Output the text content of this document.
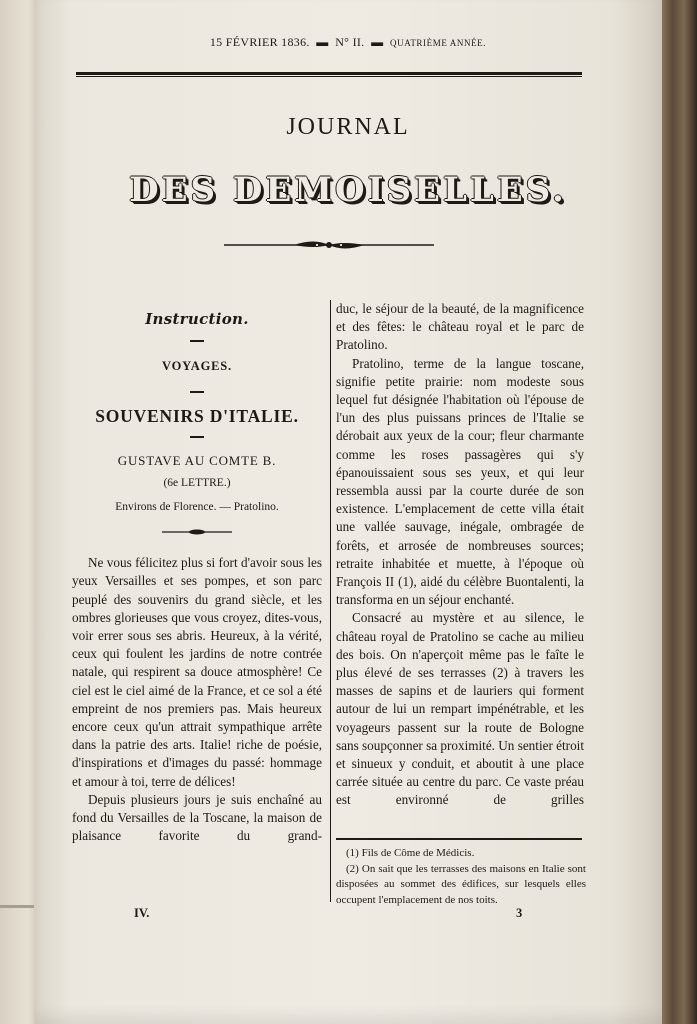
15 FÉVRIER 1836.  ▬  N° II.  ▬  QUATRIÈME ANNÉE.
JOURNAL
DES DEMOISELLES.
Instruction.
VOYAGES.
SOUVENIRS D'ITALIE.
GUSTAVE AU COMTE B.
(6e LETTRE.)
Environs de Florence. — Pratolino.

Ne vous félicitez plus si fort d'avoir sous les yeux Versailles et ses pompes, et son parc peuplé des souvenirs du grand siècle, et les ombres glorieuses que vous croyez, dites-vous, voir errer sous ses abris. Heureux, à la vérité, ceux qui foulent les jardins de notre contrée natale, qui respirent sa douce atmosphère! Ce ciel est le ciel aimé de la France, et ce sol a été empreint de nos premiers pas. Mais heureux encore ceux qu'un attrait sympathique arrête dans la patrie des arts. Italie! riche de poésie, d'inspirations et d'images du passé: hommage et amour à toi, terre de délices!

Depuis plusieurs jours je suis enchaîné au fond du Versailles de la Toscane, la maison de plaisance favorite du grand-

duc, le séjour de la beauté, de la magnificence et des fêtes: le château royal et le parc de Pratolino.

Pratolino, terme de la langue toscane, signifie petite prairie: nom modeste sous lequel fut désignée l'habitation où l'épouse de l'un des plus puissans princes de l'Italie se dérobait aux yeux de la cour; fleur charmante comme les roses passagères qui s'y épanouissaient sous ses yeux, et qui leur ressembla aussi par la courte durée de son existence. L'emplacement de cette villa était une vallée sauvage, inégale, ombragée de forêts, et arrosée de nombreuses sources; retraite inhabitée et muette, à l'époque où François II (1), aidé du célèbre Buontalenti, la transforma en un séjour enchanté.

Consacré au mystère et au silence, le château royal de Pratolino se cache au milieu des bois. On n'aperçoit même pas le faîte le plus élevé de ses terrasses (2) à travers les masses de sapins et de lauriers qui forment autour de lui un rempart impénétrable, et les voyageurs passent sur la route de Bologne sans soupçonner sa proximité. Un sentier étroit et sinueux y conduit, et aboutit à une place carrée située au centre du parc. Ce vaste préau est environné de grilles

(1) Fils de Côme de Médicis.

(2) On sait que les terrasses des maisons en Italie sont disposées au sommet des édifices, sur lesquels elles occupent l'emplacement de nos toits.

IV.	3
